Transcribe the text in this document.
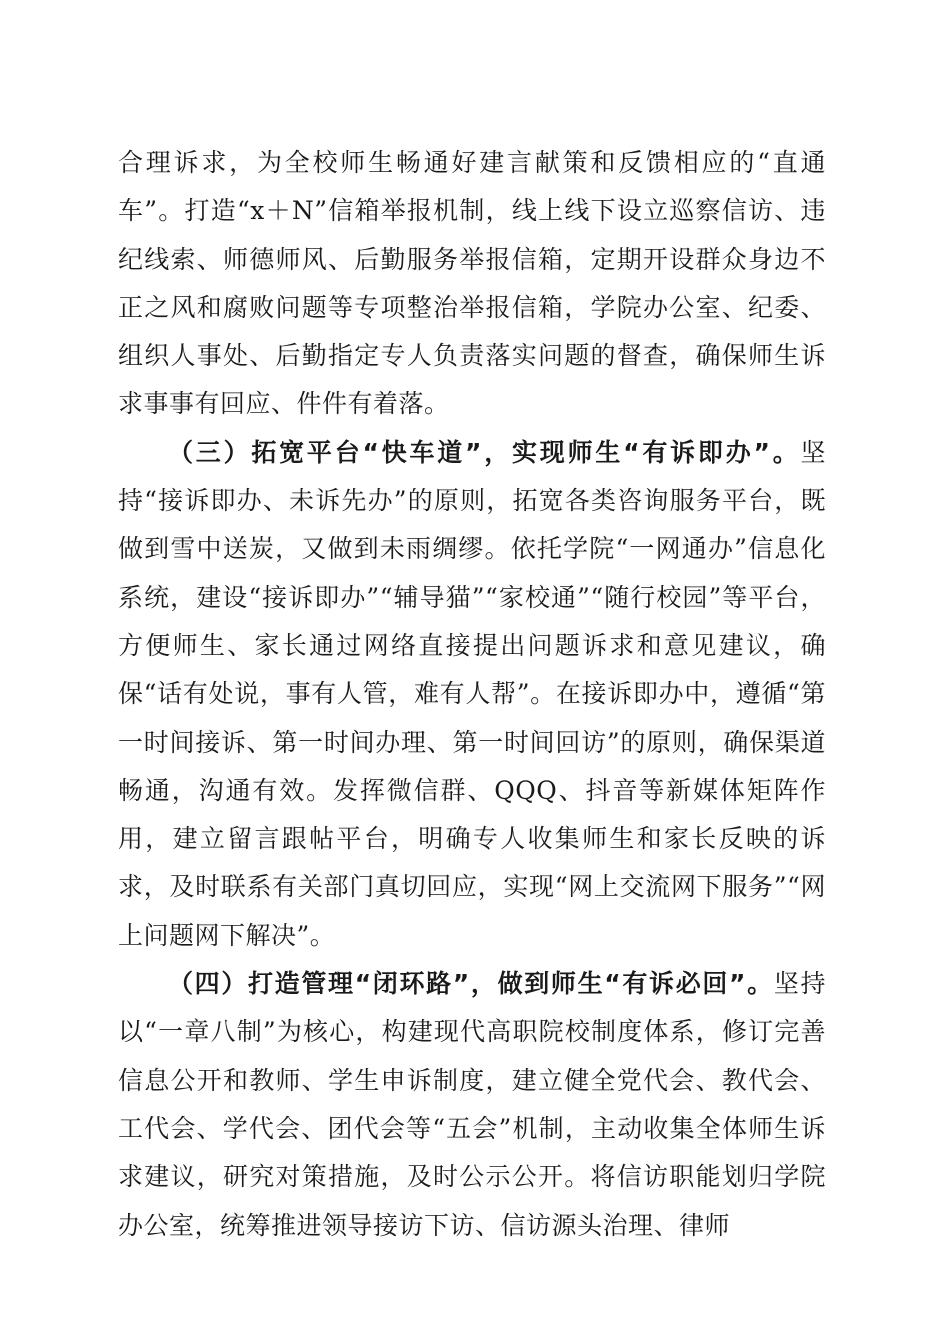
合理诉求，为全校师生畅通好建言献策和反馈相应的“直通车”。打造“x＋N”信箱举报机制，线上线下设立巡察信访、违纪线索、师德师风、后勤服务举报信箱，定期开设群众身边不正之风和腐败问题等专项整治举报信箱，学院办公室、纪委、组织人事处、后勤指定专人负责落实问题的督查，确保师生诉求事事有回应、件件有着落。

（三）拓宽平台“快车道”，实现师生“有诉即办”。坚持“接诉即办、未诉先办”的原则，拓宽各类咨询服务平台，既做到雪中送炭，又做到未雨绸缪。依托学院“一网通办”信息化系统，建设“接诉即办”“辅导猫”“家校通”“随行校园”等平台，方便师生、家长通过网络直接提出问题诉求和意见建议，确保“话有处说，事有人管，难有人帮”。在接诉即办中，遵循“第一时间接诉、第一时间办理、第一时间回访”的原则，确保渠道畅通，沟通有效。发挥微信群、QQQ、抖音等新媒体矩阵作用，建立留言跟帖平台，明确专人收集师生和家长反映的诉求，及时联系有关部门真切回应，实现“网上交流网下服务”“网上问题网下解决”。

（四）打造管理“闭环路”，做到师生“有诉必回”。坚持以“一章八制”为核心，构建现代高职院校制度体系，修订完善信息公开和教师、学生申诉制度，建立健全党代会、教代会、工代会、学代会、团代会等“五会”机制，主动收集全体师生诉求建议，研究对策措施，及时公示公开。将信访职能划归学院办公室，统筹推进领导接访下访、信访源头治理、律师
